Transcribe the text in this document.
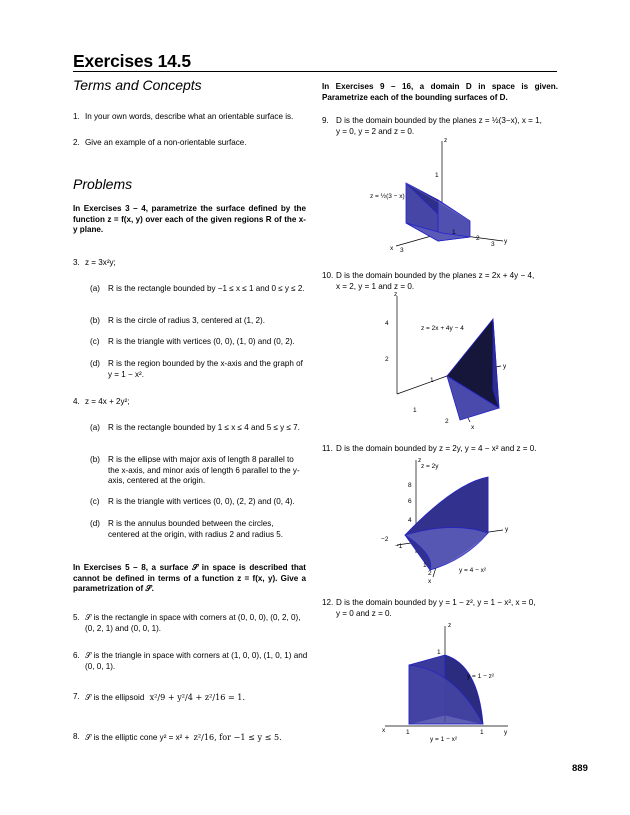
Exercises 14.5
Terms and Concepts
1. In your own words, describe what an orientable surface is.
2. Give an example of a non-orientable surface.
Problems
In Exercises 3 – 4, parametrize the surface defined by the function z = f(x, y) over each of the given regions R of the x-y plane.
3. z = 3x²y;
(a) R is the rectangle bounded by −1 ≤ x ≤ 1 and 0 ≤ y ≤ 2.
(b) R is the circle of radius 3, centered at (1, 2).
(c) R is the triangle with vertices (0, 0), (1, 0) and (0, 2).
(d) R is the region bounded by the x-axis and the graph of y = 1 − x².
4. z = 4x + 2y²;
(a) R is the rectangle bounded by 1 ≤ x ≤ 4 and 5 ≤ y ≤ 7.
(b) R is the ellipse with major axis of length 8 parallel to the x-axis, and minor axis of length 6 parallel to the y-axis, centered at the origin.
(c) R is the triangle with vertices (0, 0), (2, 2) and (0, 4).
(d) R is the annulus bounded between the circles, centered at the origin, with radius 2 and radius 5.
In Exercises 5 – 8, a surface 𝒮 in space is described that cannot be defined in terms of a function z = f(x, y). Give a parametrization of 𝒮.
5. 𝒮 is the rectangle in space with corners at (0, 0, 0), (0, 2, 0), (0, 2, 1) and (0, 0, 1).
6. 𝒮 is the triangle in space with corners at (1, 0, 0), (1, 0, 1) and (0, 0, 1).
7. 𝒮 is the ellipsoid x²/9 + y²/4 + z²/16 = 1.
8. 𝒮 is the elliptic cone y² = x² + z²/16, for −1 ≤ y ≤ 5.
In Exercises 9 – 16, a domain D in space is given. Parametrize each of the bounding surfaces of D.
9. D is the domain bounded by the planes z = ½(3−x), x = 1,

y = 0, y = 2 and z = 0.

z
1
z = ½(3 − x)
x 3
1
2
3 y
10. D is the domain bounded by the planes z = 2x + 4y − 4,

x = 2, y = 1 and z = 0.

z
4
2
z = 2x + 4y − 4
1
1
2
x
y
11. D is the domain bounded by z = 2y, y = 4 − x² and z = 0.
z
z = 2y
8
6
4
−2
−1
1
2
x
y
y = 4 − x²
12. D is the domain bounded by y = 1 − z², y = 1 − x², x = 0,

y = 0 and z = 0.

z
1
y = 1 − z²
x	1	1	y
y = 1 − x²
889
